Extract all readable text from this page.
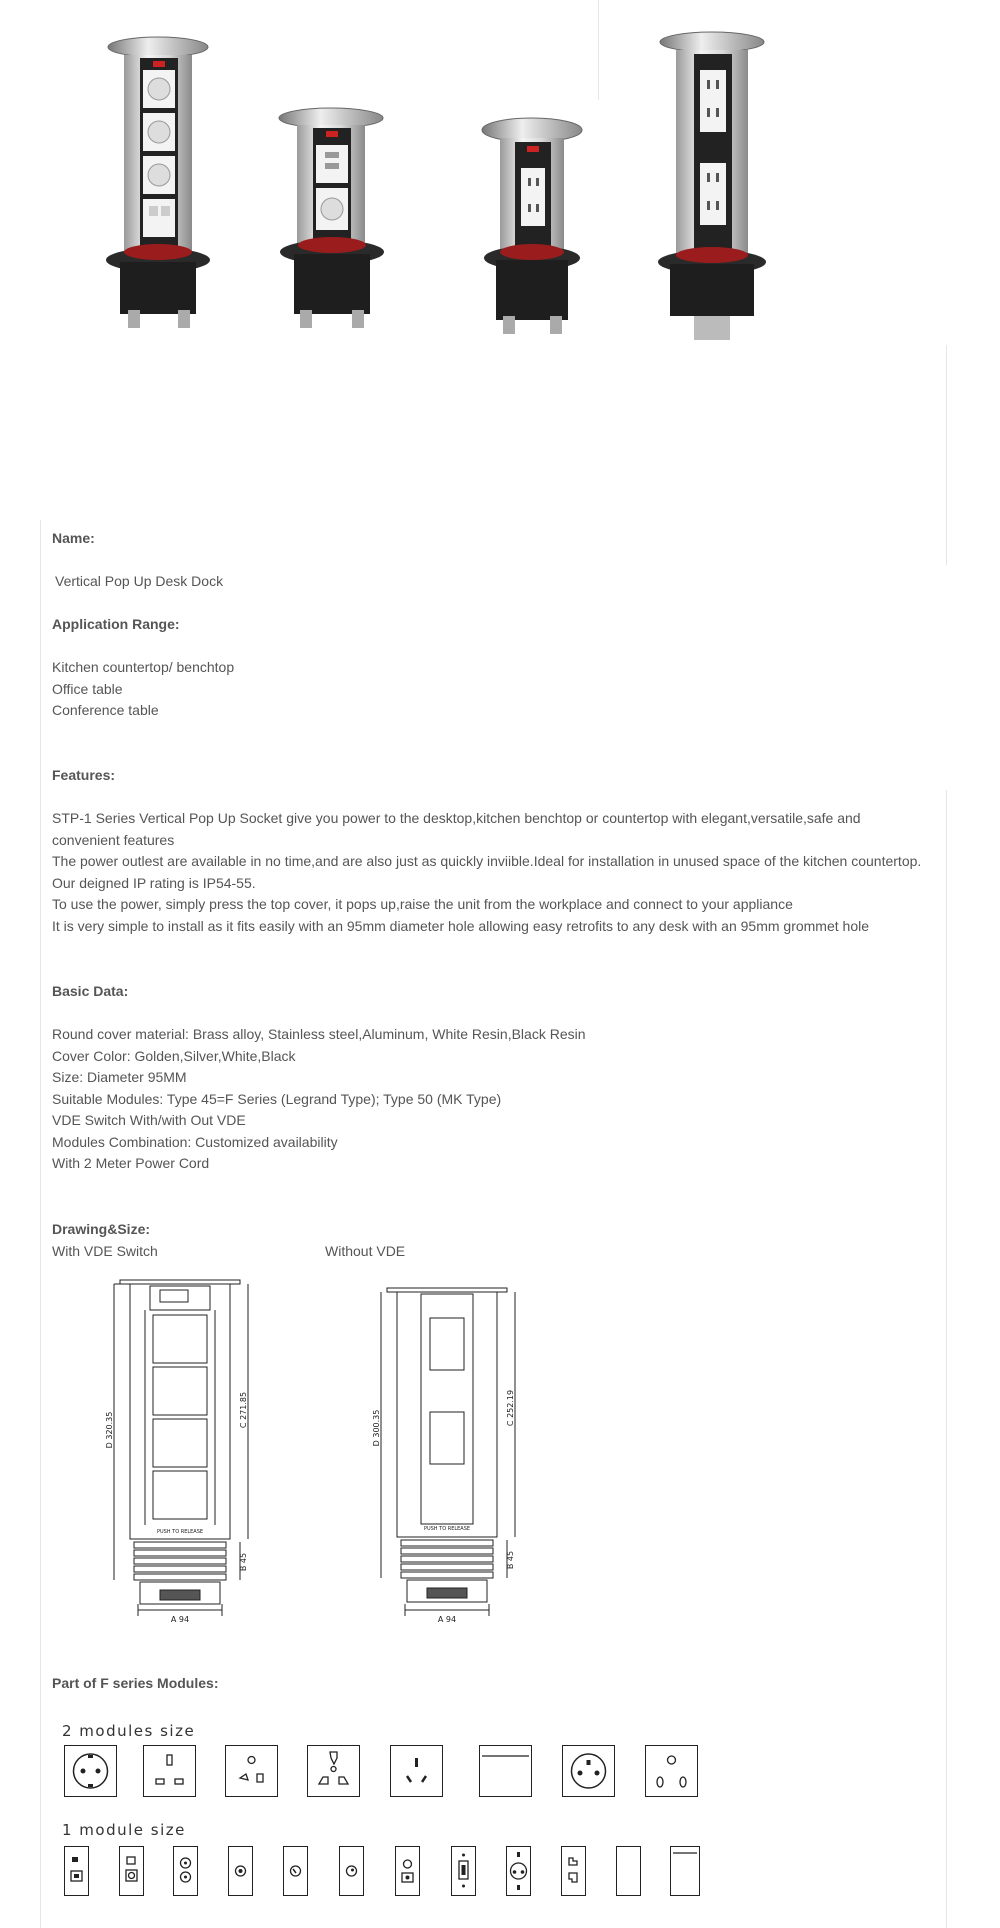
Name:
Vertical Pop Up Desk Dock
Application Range:
Kitchen countertop/ benchtop
Office table
Conference table
Features:
STP-1 Series Vertical Pop Up Socket give you power to the desktop,kitchen benchtop or countertop with elegant,versatile,safe and
convenient features
The power outlest are available in no time,and are also just as quickly inviible.Ideal for installation in unused space of the kitchen countertop.
Our deigned IP rating is IP54-55.
To use the power, simply press the top cover, it pops up,raise the unit from the workplace and connect to your appliance
It is very simple to install as it fits easily with an 95mm diameter hole allowing easy retrofits to any desk with an 95mm grommet hole
Basic Data:
Round cover material: Brass alloy, Stainless steel,Aluminum, White Resin,Black Resin
Cover Color: Golden,Silver,White,Black
Size: Diameter 95MM
Suitable Modules: Type 45=F Series (Legrand Type); Type 50 (MK Type)
VDE Switch With/with Out VDE
Modules Combination: Customized availability
With 2 Meter Power Cord
Drawing&Size:
With VDE Switch	Without VDE
PUSH TO RELEASE
D 320.35
C 271.85
B 45
A 94
PUSH TO RELEASE
D 300.35
C 252.19
B 45
A 94
Part of F series Modules:
2 modules size
1 module size
